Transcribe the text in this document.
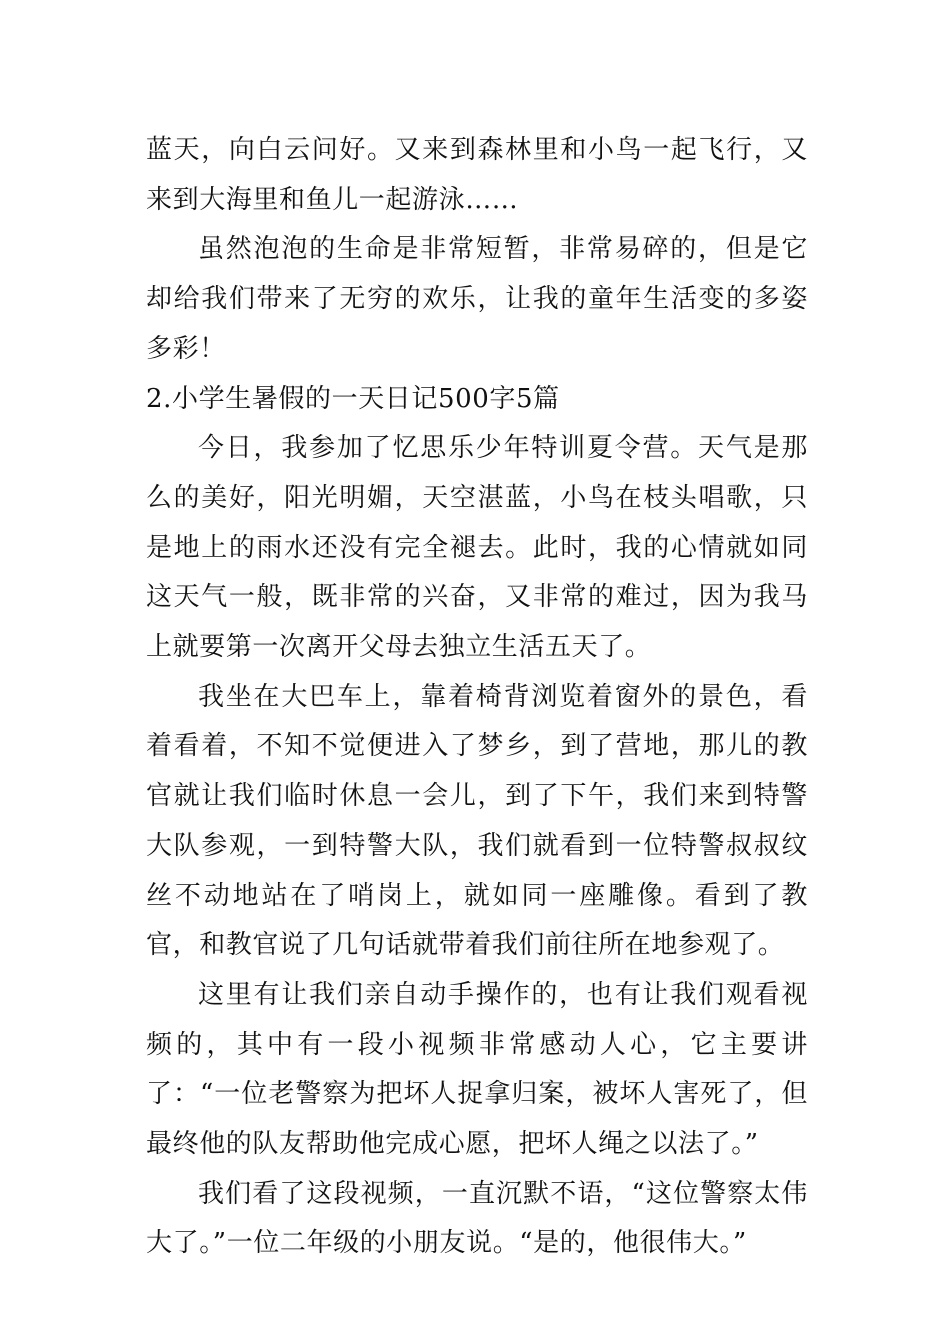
蓝天，向白云问好。又来到森林里和小鸟一起飞行，又来到大海里和鱼儿一起游泳……

虽然泡泡的生命是非常短暂，非常易碎的，但是它却给我们带来了无穷的欢乐，让我的童年生活变的多姿多彩！

2.小学生暑假的一天日记500字5篇

今日，我参加了忆思乐少年特训夏令营。天气是那么的美好，阳光明媚，天空湛蓝，小鸟在枝头唱歌，只是地上的雨水还没有完全褪去。此时，我的心情就如同这天气一般，既非常的兴奋，又非常的难过，因为我马上就要第一次离开父母去独立生活五天了。

我坐在大巴车上，靠着椅背浏览着窗外的景色，看着看着，不知不觉便进入了梦乡，到了营地，那儿的教官就让我们临时休息一会儿，到了下午，我们来到特警大队参观，一到特警大队，我们就看到一位特警叔叔纹丝不动地站在了哨岗上，就如同一座雕像。看到了教官，和教官说了几句话就带着我们前往所在地参观了。

这里有让我们亲自动手操作的，也有让我们观看视频的，其中有一段小视频非常感动人心，它主要讲了：“一位老警察为把坏人捉拿归案，被坏人害死了，但最终他的队友帮助他完成心愿，把坏人绳之以法了。”

我们看了这段视频，一直沉默不语，“这位警察太伟大了。”一位二年级的小朋友说。“是的，他很伟大。”
